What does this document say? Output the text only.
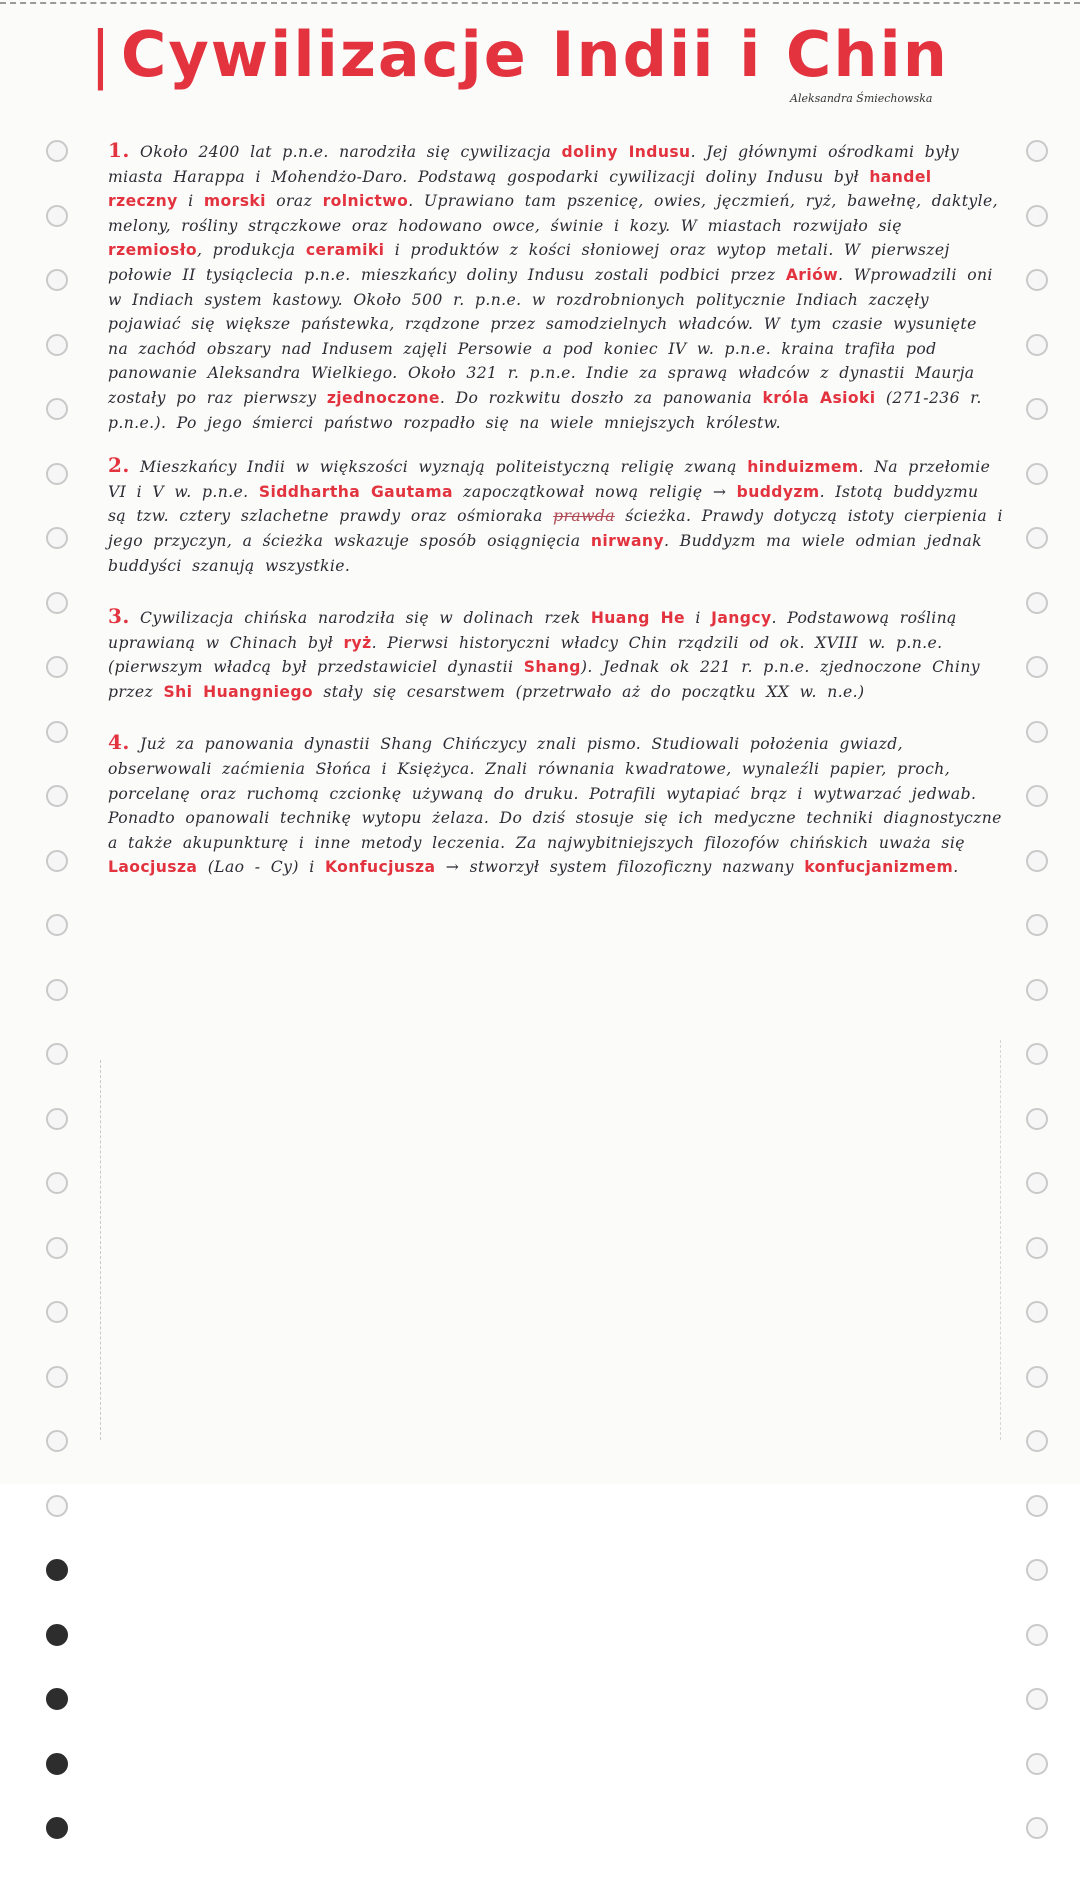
| Cywilizacje Indii i Chin
Aleksandra Śmiechowska

1. Około 2400 lat p.n.e. narodziła się cywilizacja doliny Indusu. Jej głównymi ośrodkami były miasta Harappa i Mohendżo-Daro. Podstawą gospodarki cywilizacji doliny Indusu był handel rzeczny i morski oraz rolnictwo. Uprawiano tam pszenicę, owies, jęczmień, ryż, bawełnę, daktyle, melony, rośliny strączkowe oraz hodowano owce, świnie i kozy. W miastach rozwijało się rzemiosło, produkcja ceramiki i produktów z kości słoniowej oraz wytop metali. W pierwszej połowie II tysiąclecia p.n.e. mieszkańcy doliny Indusu zostali podbici przez Ariów. Wprowadzili oni w Indiach system kastowy. Około 500 r. p.n.e. w rozdrobnionych politycznie Indiach zaczęły pojawiać się większe państewka, rządzone przez samodzielnych władców. W tym czasie wysunięte na zachód obszary nad Indusem zajęli Persowie a pod koniec IV w. p.n.e. kraina trafiła pod panowanie Aleksandra Wielkiego. Około 321 r. p.n.e. Indie za sprawą władców z dynastii Maurja zostały po raz pierwszy zjednoczone. Do rozkwitu doszło za panowania króla Asioki (271-236 r. p.n.e.). Po jego śmierci państwo rozpadło się na wiele mniejszych królestw.

2. Mieszkańcy Indii w większości wyznają politeistyczną religię zwaną hinduizmem. Na przełomie VI i V w. p.n.e. Siddhartha Gautama zapoczątkował nową religię → buddyzm. Istotą buddyzmu są tzw. cztery szlachetne prawdy oraz ośmioraka prawda ścieżka. Prawdy dotyczą istoty cierpienia i jego przyczyn, a ścieżka wskazuje sposób osiągnięcia nirwany. Buddyzm ma wiele odmian jednak buddyści szanują wszystkie.

3. Cywilizacja chińska narodziła się w dolinach rzek Huang He i Jangcy. Podstawową rośliną uprawianą w Chinach był ryż. Pierwsi historyczni władcy Chin rządzili od ok. XVIII w. p.n.e. (pierwszym władcą był przedstawiciel dynastii Shang). Jednak ok 221 r. p.n.e. zjednoczone Chiny przez Shi Huangniego stały się cesarstwem (przetrwało aż do początku XX w. n.e.)

4. Już za panowania dynastii Shang Chińczycy znali pismo. Studiowali położenia gwiazd, obserwowali zaćmienia Słońca i Księżyca. Znali równania kwadratowe, wynaleźli papier, proch, porcelanę oraz ruchomą czcionkę używaną do druku. Potrafili wytapiać brąz i wytwarzać jedwab. Ponadto opanowali technikę wytopu żelaza. Do dziś stosuje się ich medyczne techniki diagnostyczne a także akupunkturę i inne metody leczenia. Za najwybitniejszych filozofów chińskich uważa się Laocjusza (Lao - Cy) i Konfucjusza → stworzył system filozoficzny nazwany konfucjanizmem.
